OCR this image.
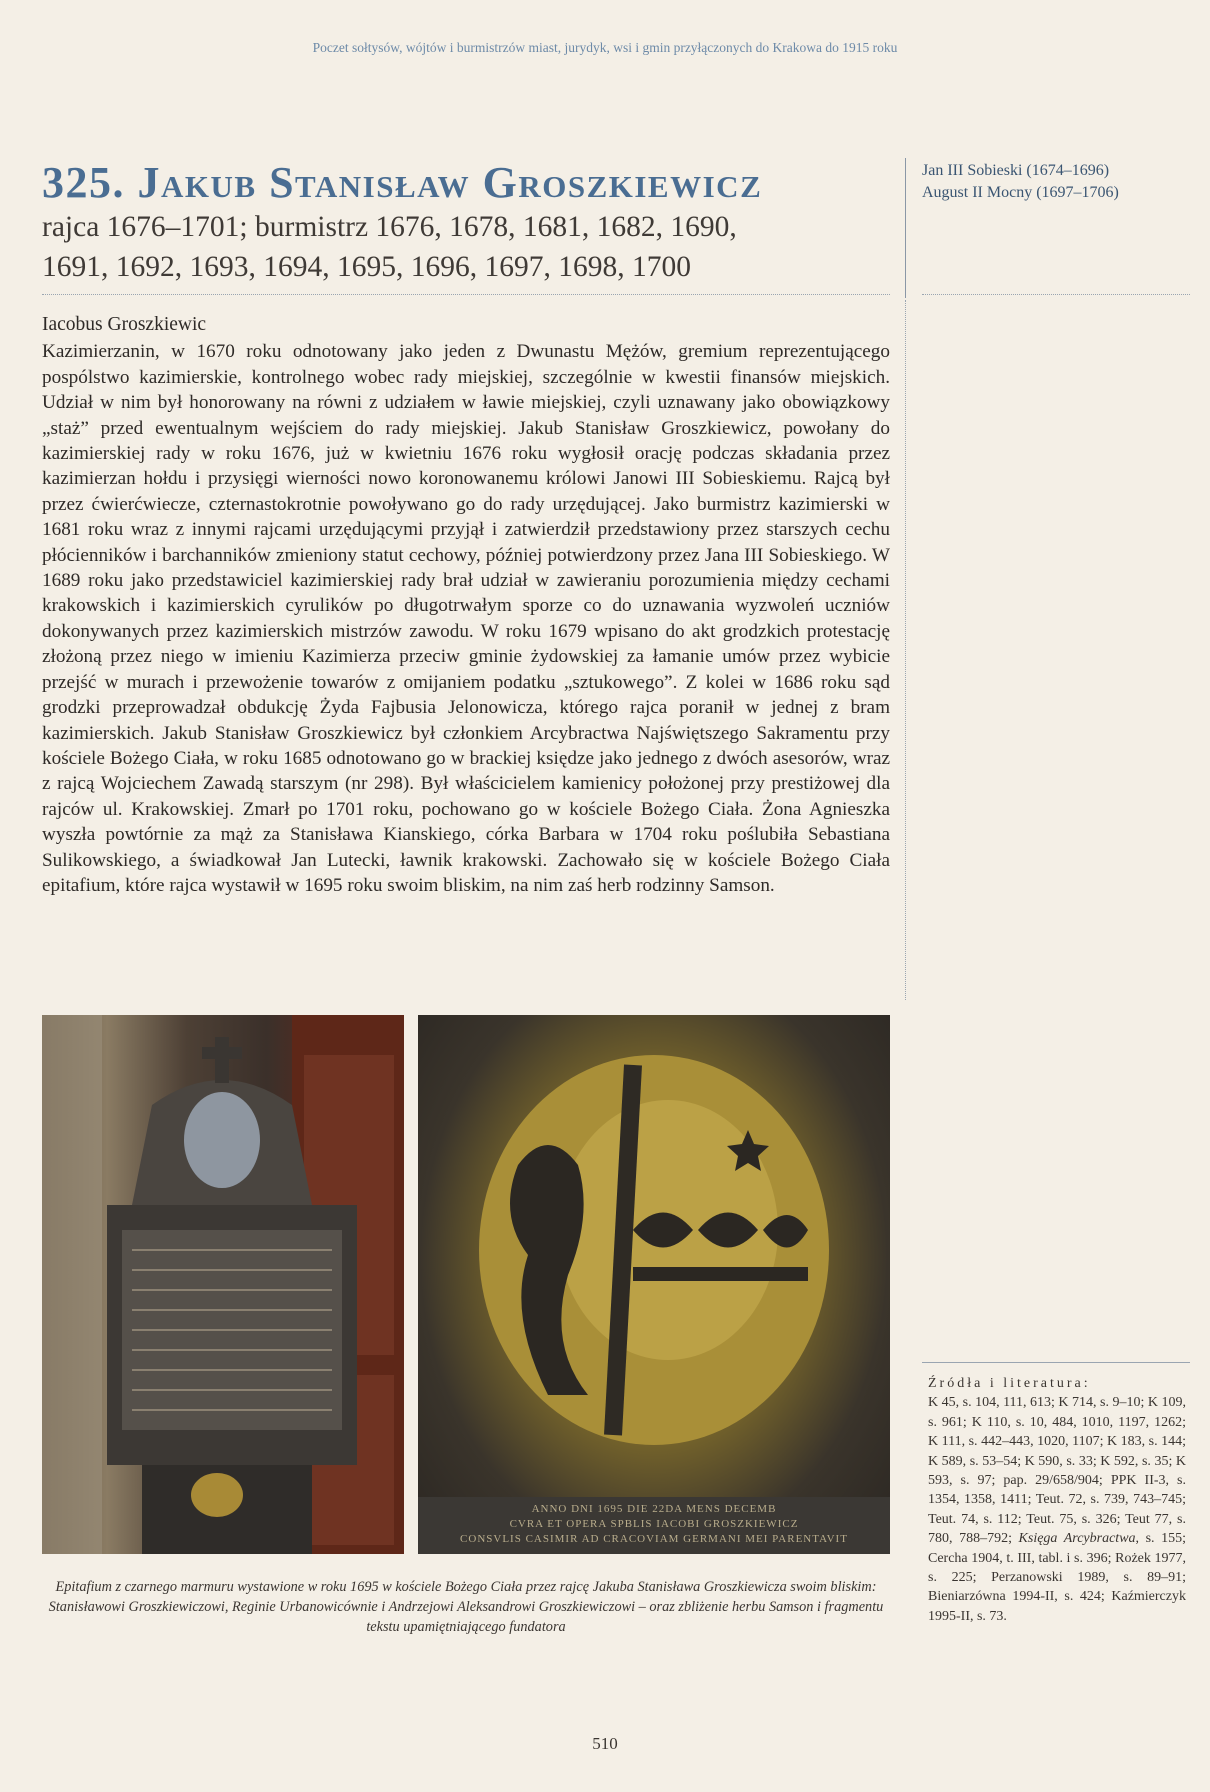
Poczet sołtysów, wójtów i burmistrzów miast, jurydyk, wsi i gmin przyłączonych do Krakowa do 1915 roku
325. Jakub Stanisław Groszkiewicz
rajca 1676–1701; burmistrz 1676, 1678, 1681, 1682, 1690,
1691, 1692, 1693, 1694, 1695, 1696, 1697, 1698, 1700
Jan III Sobieski (1674–1696)
August II Mocny (1697–1706)
Iacobus Groszkiewic
Kazimierzanin, w 1670 roku odnotowany jako jeden z Dwunastu Mężów, gremium reprezentującego pospólstwo kazimierskie, kontrolnego wobec rady miejskiej, szczególnie w kwestii finansów miejskich. Udział w nim był honorowany na równi z udziałem w ławie miejskiej, czyli uznawany jako obowiązkowy „staż” przed ewentualnym wejściem do rady miejskiej. Jakub Stanisław Groszkiewicz, powołany do kazimierskiej rady w roku 1676, już w kwietniu 1676 roku wygłosił orację podczas składania przez kazimierzan hołdu i przysięgi wierności nowo koronowanemu królowi Janowi III Sobieskiemu. Rajcą był przez ćwierćwiecze, czternastokrotnie powoływano go do rady urzędującej. Jako burmistrz kazimierski w 1681 roku wraz z innymi rajcami urzędującymi przyjął i zatwierdził przedstawiony przez starszych cechu płócienników i barchanników zmieniony statut cechowy, później potwierdzony przez Jana III Sobieskiego. W 1689 roku jako przedstawiciel kazimierskiej rady brał udział w zawieraniu porozumienia między cechami krakowskich i kazimierskich cyrulików po długotrwałym sporze co do uznawania wyzwoleń uczniów dokonywanych przez kazimierskich mistrzów zawodu. W roku 1679 wpisano do akt grodzkich protestację złożoną przez niego w imieniu Kazimierza przeciw gminie żydowskiej za łamanie umów przez wybicie przejść w murach i przewożenie towarów z omijaniem podatku „sztukowego”. Z kolei w 1686 roku sąd grodzki przeprowadzał obdukcję Żyda Fajbusia Jelonowicza, którego rajca poranił w jednej z bram kazimierskich. Jakub Stanisław Groszkiewicz był członkiem Arcybractwa Najświętszego Sakramentu przy kościele Bożego Ciała, w roku 1685 odnotowano go w brackiej księdze jako jednego z dwóch asesorów, wraz z rajcą Wojciechem Zawadą starszym (nr 298). Był właścicielem kamienicy położonej przy prestiżowej dla rajców ul. Krakowskiej. Zmarł po 1701 roku, pochowano go w kościele Bożego Ciała. Żona Agnieszka wyszła powtórnie za mąż za Stanisława Kianskiego, córka Barbara w 1704 roku poślubiła Sebastiana Sulikowskiego, a świadkował Jan Lutecki, ławnik krakowski. Zachowało się w kościele Bożego Ciała epitafium, które rajca wystawił w 1695 roku swoim bliskim, na nim zaś herb rodzinny Samson.
ANNO DNI 1695 DIE 22DA MENS DECEMB
CVRA ET OPERA SPBLIS IACOBI GROSZKIEWICZ
CONSVLIS CASIMIR AD CRACOVIAM GERMANI MEI PARENTAVIT
Epitafium z czarnego marmuru wystawione w roku 1695 w kościele Bożego Ciała przez rajcę Jakuba Stanisława Groszkiewicza swoim bliskim: Stanisławowi Groszkiewiczowi, Reginie Urbanowicównie i Andrzejowi Aleksandrowi Groszkiewiczowi – oraz zbliżenie herbu Samson i fragmentu tekstu upamiętniającego fundatora
Źródła i literatura:
K 45, s. 104, 111, 613; K 714, s. 9–10; K 109, s. 961; K 110, s. 10, 484, 1010, 1197, 1262; K 111, s. 442–443, 1020, 1107; K 183, s. 144; K 589, s. 53–54; K 590, s. 33; K 592, s. 35; K 593, s. 97; pap. 29/658/904; PPK II-3, s. 1354, 1358, 1411; Teut. 72, s. 739, 743–745; Teut. 74, s. 112; Teut. 75, s. 326; Teut 77, s. 780, 788–792; Księga Arcybractwa, s. 155; Cercha 1904, t. III, tabl. i s. 396; Rożek 1977, s. 225; Perzanowski 1989, s. 89–91; Bieniarzówna 1994-II, s. 424; Kaźmierczyk 1995-II, s. 73.
510
